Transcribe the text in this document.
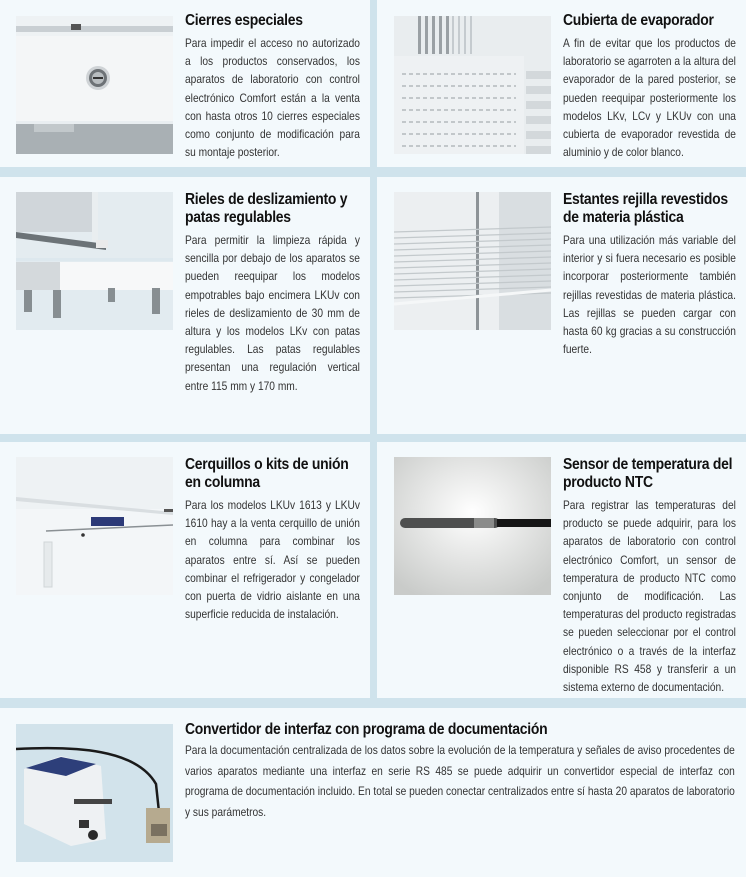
Cierres especiales
Para impedir el acceso no autorizado a los productos conservados, los aparatos de laboratorio con control electrónico Comfort están a la venta con hasta otros 10 cierres especiales como conjunto de modificación para su montaje posterior.
Cubierta de evaporador
A fin de evitar que los productos de laboratorio se agarroten a la altura del evaporador de la pared posterior, se pueden reequipar posteriormente los modelos LKv, LCv y LKUv con una cubierta de evaporador revestida de aluminio y de color blanco.
Rieles de deslizamiento y patas regulables
Para permitir la limpieza rápida y sencilla por debajo de los aparatos se pueden reequipar los modelos empotrables bajo encimera LKUv con rieles de deslizamiento de 30 mm de altura y los modelos LKv con patas regulables. Las patas regulables presentan una regulación vertical entre 115 mm y 170 mm.
Estantes rejilla revestidos de materia plástica
Para una utilización más variable del interior y si fuera necesario es posible incorporar posteriormente también rejillas revestidas de materia plástica. Las rejillas se pueden cargar con hasta 60 kg gracias a su construcción fuerte.
Cerquillos o kits de unión en columna
Para los modelos LKUv 1613 y LKUv 1610 hay a la venta cerquillo de unión en columna para combinar los aparatos entre sí. Así se pueden combinar el refrigerador y congelador con puerta de vidrio aislante en una superficie reducida de instalación.
Sensor de temperatura del producto NTC
Para registrar las temperaturas del producto se puede adquirir, para los aparatos de laboratorio con control electrónico Comfort, un sensor de temperatura de producto NTC como conjunto de modificación. Las temperaturas del producto registradas se pueden seleccionar por el control electrónico o a través de la interfaz disponible RS 458 y transferir a un sistema externo de documentación.
Convertidor de interfaz con programa de documentación
Para la documentación centralizada de los datos sobre la evolución de la temperatura y señales de aviso procedentes de varios aparatos mediante una interfaz en serie RS 485 se puede adquirir un convertidor especial de interfaz con programa de documentación incluido. En total se pueden conectar centralizados entre sí hasta 20 aparatos de laboratorio y sus parámetros.
